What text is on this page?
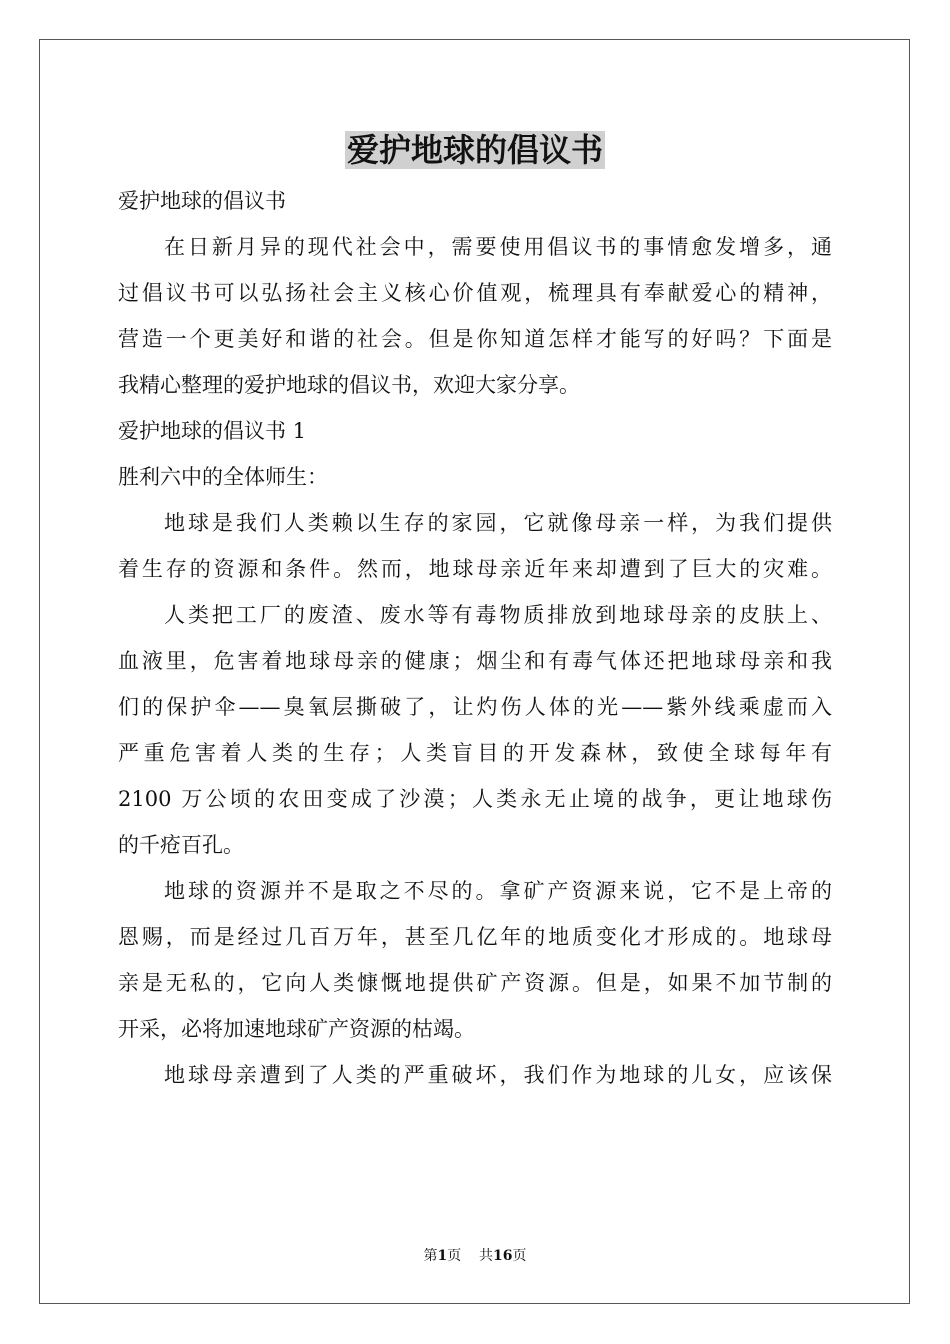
爱护地球的倡议书
爱护地球的倡议书
在日新月异的现代社会中，需要使用倡议书的事情愈发增多，通
过倡议书可以弘扬社会主义核心价值观，梳理具有奉献爱心的精神，
营造一个更美好和谐的社会。但是你知道怎样才能写的好吗？下面是
我精心整理的爱护地球的倡议书，欢迎大家分享。
爱护地球的倡议书 1
胜利六中的全体师生：
地球是我们人类赖以生存的家园，它就像母亲一样，为我们提供
着生存的资源和条件。然而，地球母亲近年来却遭到了巨大的灾难。
人类把工厂的废渣、废水等有毒物质排放到地球母亲的皮肤上、
血液里，危害着地球母亲的健康；烟尘和有毒气体还把地球母亲和我
们的保护伞——臭氧层撕破了，让灼伤人体的光——紫外线乘虚而入
严重危害着人类的生存；人类盲目的开发森林，致使全球每年有
2100 万公顷的农田变成了沙漠；人类永无止境的战争，更让地球伤
的千疮百孔。
地球的资源并不是取之不尽的。拿矿产资源来说，它不是上帝的
恩赐，而是经过几百万年，甚至几亿年的地质变化才形成的。地球母
亲是无私的，它向人类慷慨地提供矿产资源。但是，如果不加节制的
开采，必将加速地球矿产资源的枯竭。
地球母亲遭到了人类的严重破坏，我们作为地球的儿女，应该保
第1页 共16页
